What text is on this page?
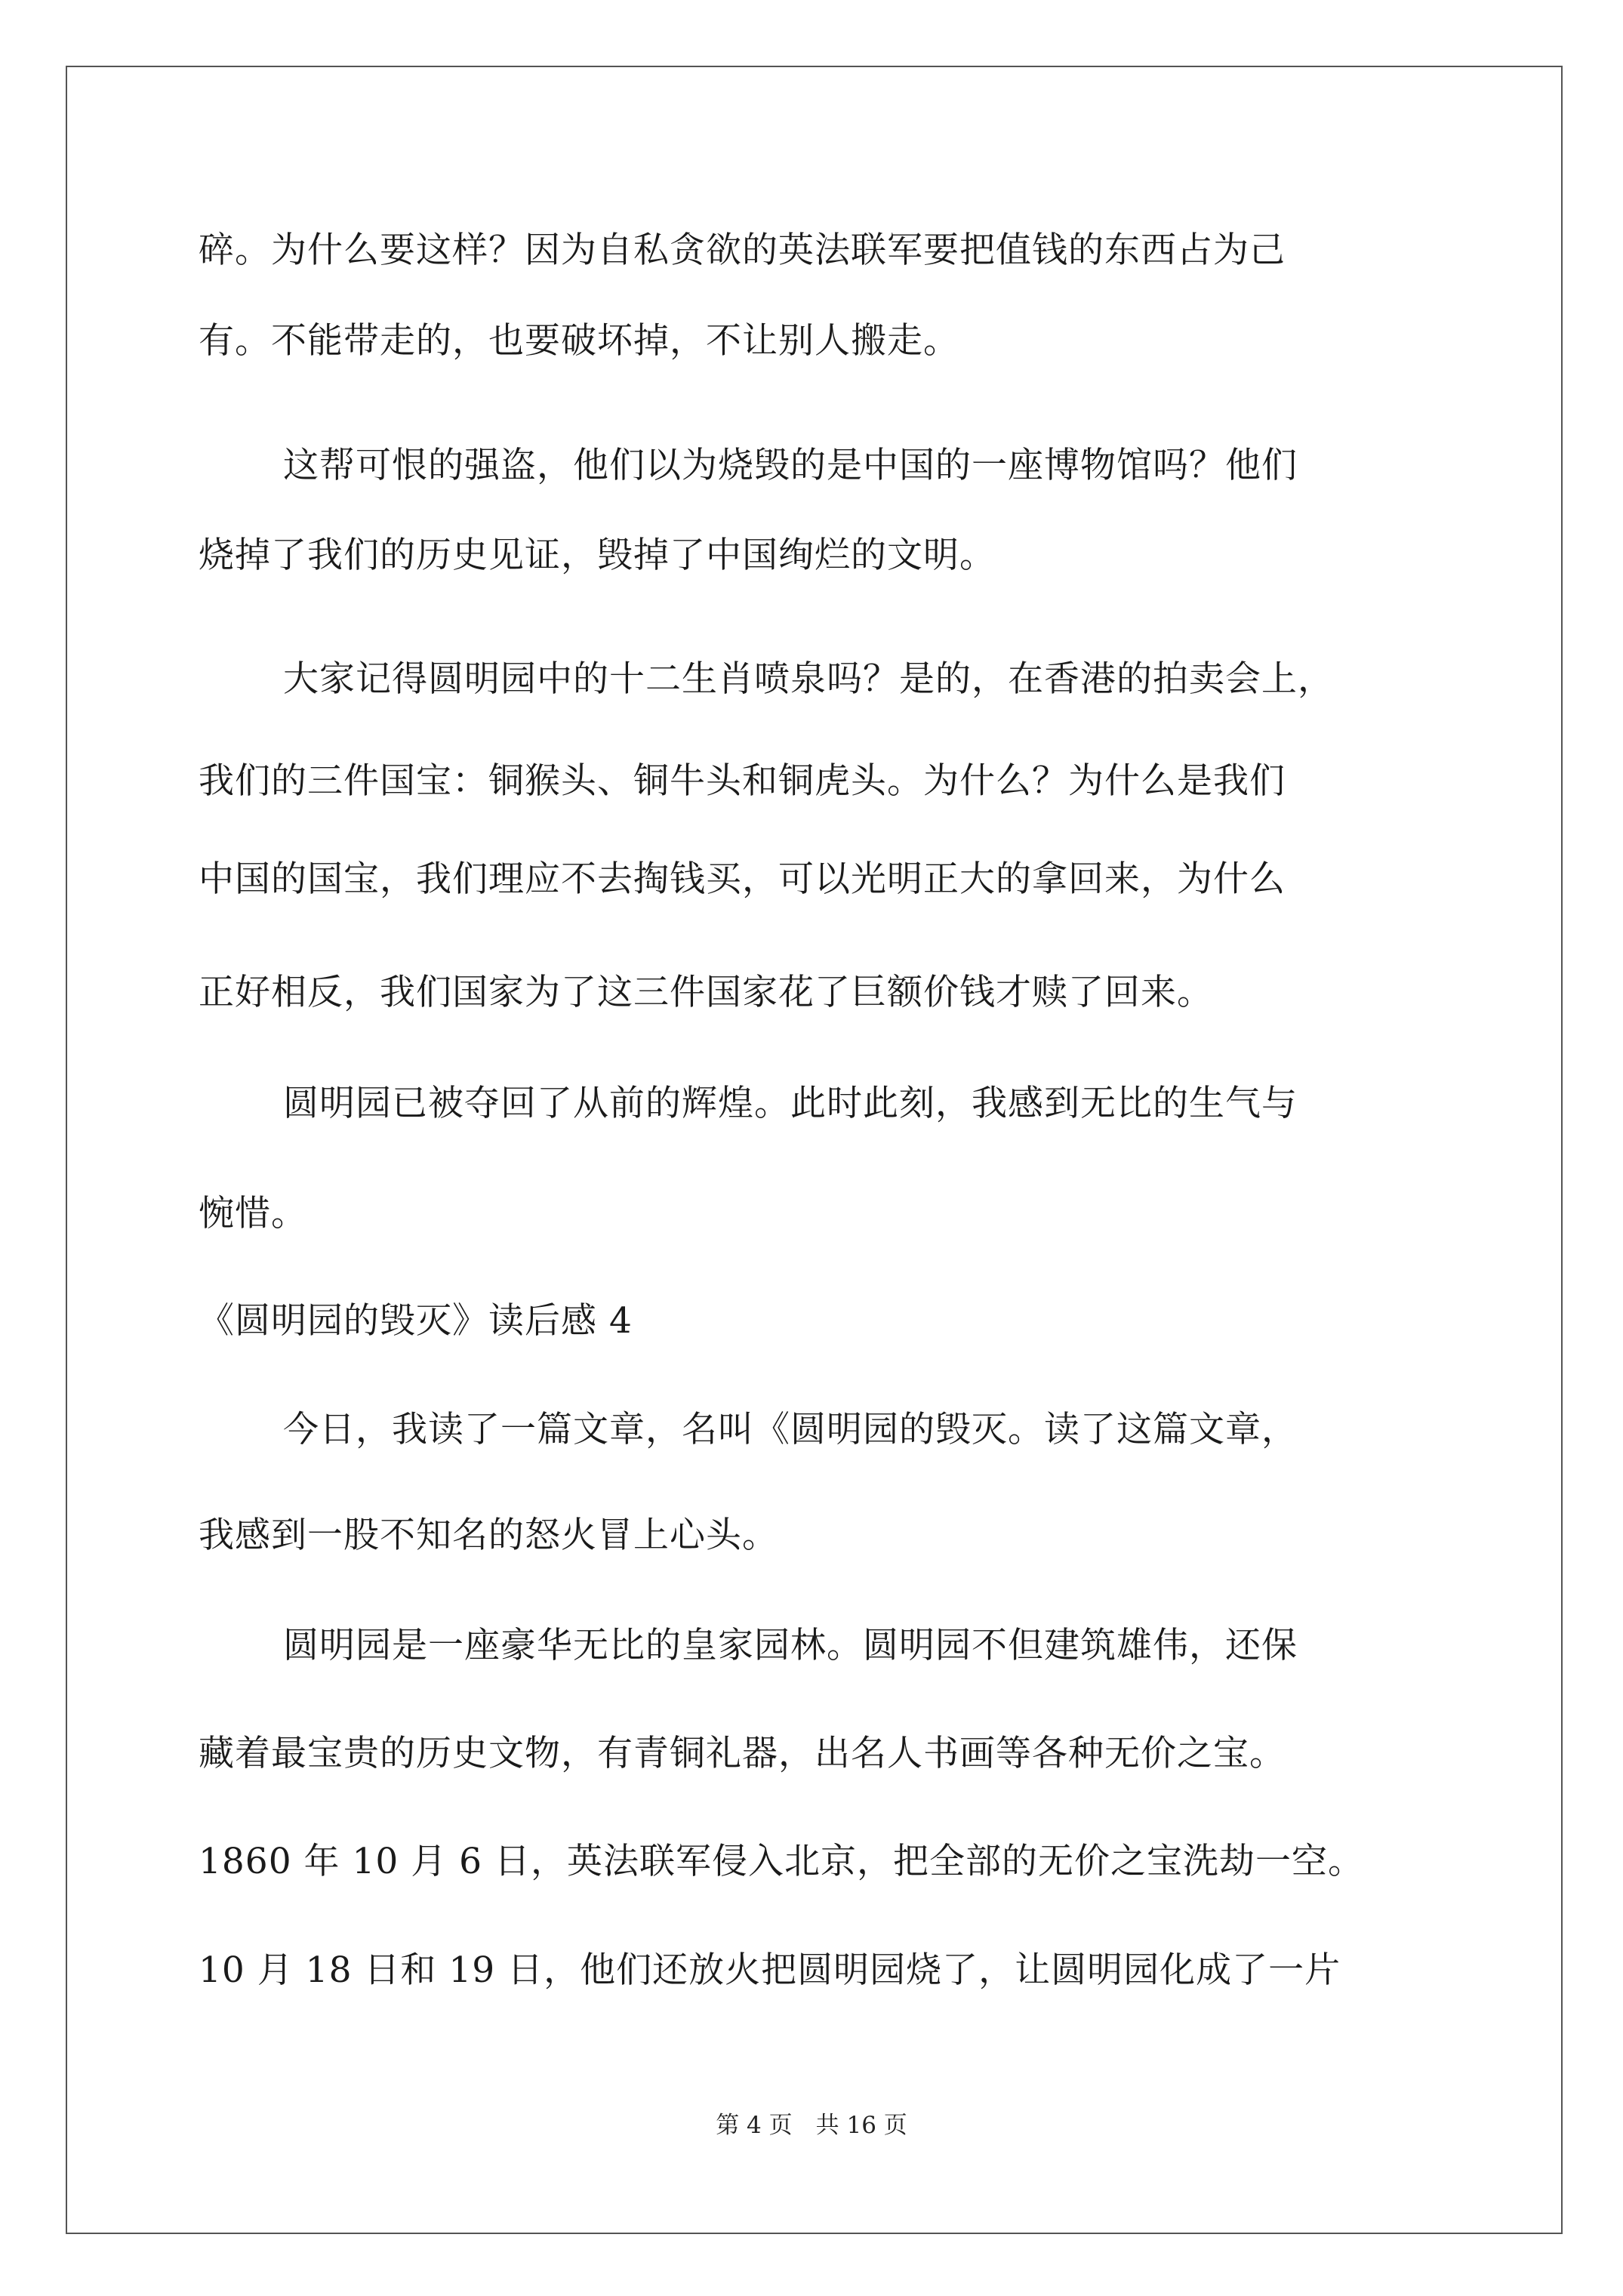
碎。为什么要这样？因为自私贪欲的英法联军要把值钱的东西占为己
有。不能带走的，也要破坏掉，不让别人搬走。
这帮可恨的强盗，他们以为烧毁的是中国的一座博物馆吗？他们
烧掉了我们的历史见证，毁掉了中国绚烂的文明。
大家记得圆明园中的十二生肖喷泉吗？是的，在香港的拍卖会上，
我们的三件国宝：铜猴头、铜牛头和铜虎头。为什么？为什么是我们
中国的国宝，我们理应不去掏钱买，可以光明正大的拿回来，为什么
正好相反，我们国家为了这三件国家花了巨额价钱才赎了回来。
圆明园已被夺回了从前的辉煌。此时此刻，我感到无比的生气与
惋惜。
《圆明园的毁灭》读后感 4
今日，我读了一篇文章，名叫《圆明园的毁灭。读了这篇文章，
我感到一股不知名的怒火冒上心头。
圆明园是一座豪华无比的皇家园林。圆明园不但建筑雄伟，还保
藏着最宝贵的历史文物，有青铜礼器，出名人书画等各种无价之宝。
1860 年 10 月 6 日，英法联军侵入北京，把全部的无价之宝洗劫一空。
10 月 18 日和 19 日，他们还放火把圆明园烧了，让圆明园化成了一片
第 4 页　共 16 页
